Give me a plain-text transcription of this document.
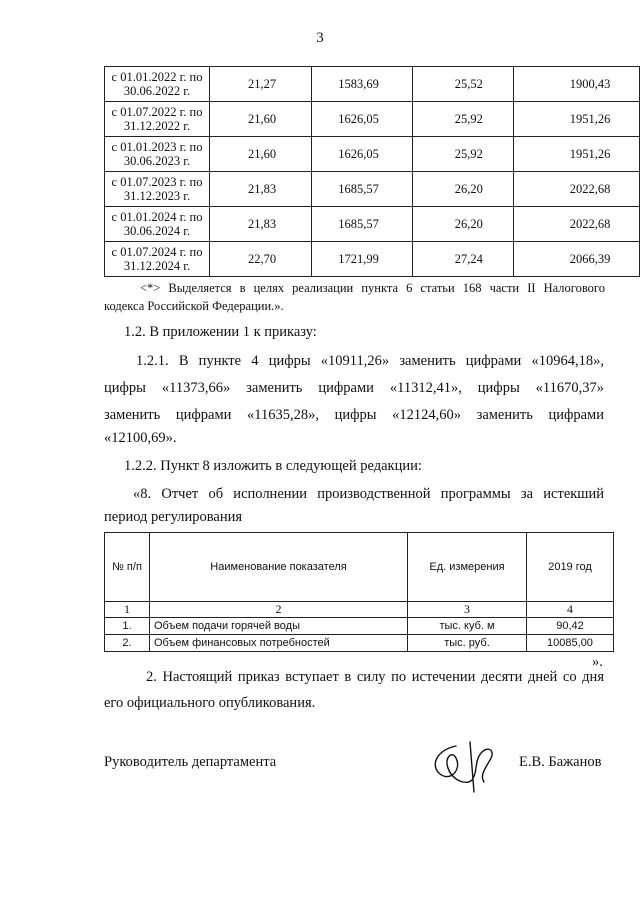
3
с 01.01.2022 г. по
30.06.2022 г.	21,27	1583,69	25,52	1900,43

с 01.07.2022 г. по
31.12.2022 г.	21,60	1626,05	25,92	1951,26

с 01.01.2023 г. по
30.06.2023 г.	21,60	1626,05	25,92	1951,26

с 01.07.2023 г. по
31.12.2023 г.	21,83	1685,57	26,20	2022,68

с 01.01.2024 г. по
30.06.2024 г.	21,83	1685,57	26,20	2022,68

с 01.07.2024 г. по
31.12.2024 г.	22,70	1721,99	27,24	2066,39
<*> Выделяется в целях реализации пункта 6 статьи 168 части II Налогового
кодекса Российской Федерации.».
1.2. В приложении 1 к приказу:
1.2.1. В пункте 4 цифры «10911,26» заменить цифрами «10964,18»,
цифры «11373,66» заменить цифрами «11312,41», цифры «11670,37»
заменить цифрами «11635,28», цифры «12124,60» заменить цифрами
«12100,69».
1.2.2. Пункт 8 изложить в следующей редакции:
«8. Отчет об исполнении производственной программы за истекший
период регулирования
№ п/п	Наименование показателя	Ед. измерения	2019 год
1	2	3	4
1.	Объем подачи горячей воды	тыс. куб. м	90,42
2.	Объем финансовых потребностей	тыс. руб.	10085,00
».
2. Настоящий приказ вступает в силу по истечении десяти дней со дня
его официального опубликования.
Руководитель департамента	Е.В. Бажанов
